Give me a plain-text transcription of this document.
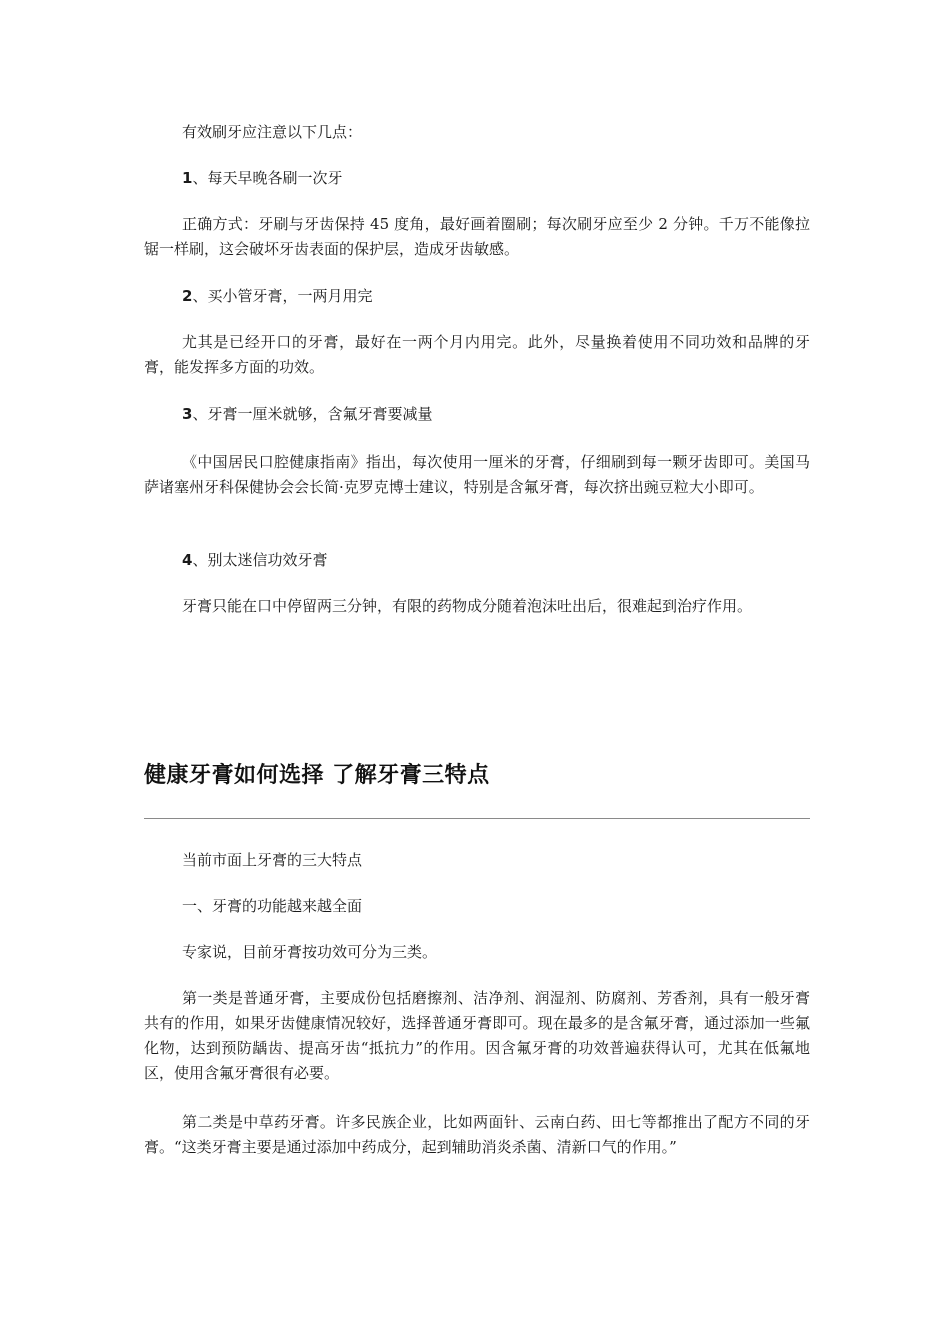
有效刷牙应注意以下几点：

1、每天早晚各刷一次牙

正确方式：牙刷与牙齿保持 45 度角，最好画着圈刷；每次刷牙应至少 2 分钟。千万不能像拉锯一样刷，这会破坏牙齿表面的保护层，造成牙齿敏感。

2、买小管牙膏，一两月用完

尤其是已经开口的牙膏，最好在一两个月内用完。此外，尽量换着使用不同功效和品牌的牙膏，能发挥多方面的功效。

3、牙膏一厘米就够，含氟牙膏要减量

《中国居民口腔健康指南》指出，每次使用一厘米的牙膏，仔细刷到每一颗牙齿即可。美国马萨诸塞州牙科保健协会会长简·克罗克博士建议，特别是含氟牙膏，每次挤出豌豆粒大小即可。

4、别太迷信功效牙膏

牙膏只能在口中停留两三分钟，有限的药物成分随着泡沫吐出后，很难起到治疗作用。

健康牙膏如何选择 了解牙膏三特点

当前市面上牙膏的三大特点

一、牙膏的功能越来越全面

专家说，目前牙膏按功效可分为三类。

第一类是普通牙膏，主要成份包括磨擦剂、洁净剂、润湿剂、防腐剂、芳香剂，具有一般牙膏共有的作用，如果牙齿健康情况较好，选择普通牙膏即可。现在最多的是含氟牙膏，通过添加一些氟化物，达到预防龋齿、提高牙齿“抵抗力”的作用。因含氟牙膏的功效普遍获得认可，尤其在低氟地区，使用含氟牙膏很有必要。

第二类是中草药牙膏。许多民族企业，比如两面针、云南白药、田七等都推出了配方不同的牙膏。“这类牙膏主要是通过添加中药成分，起到辅助消炎杀菌、清新口气的作用。”
